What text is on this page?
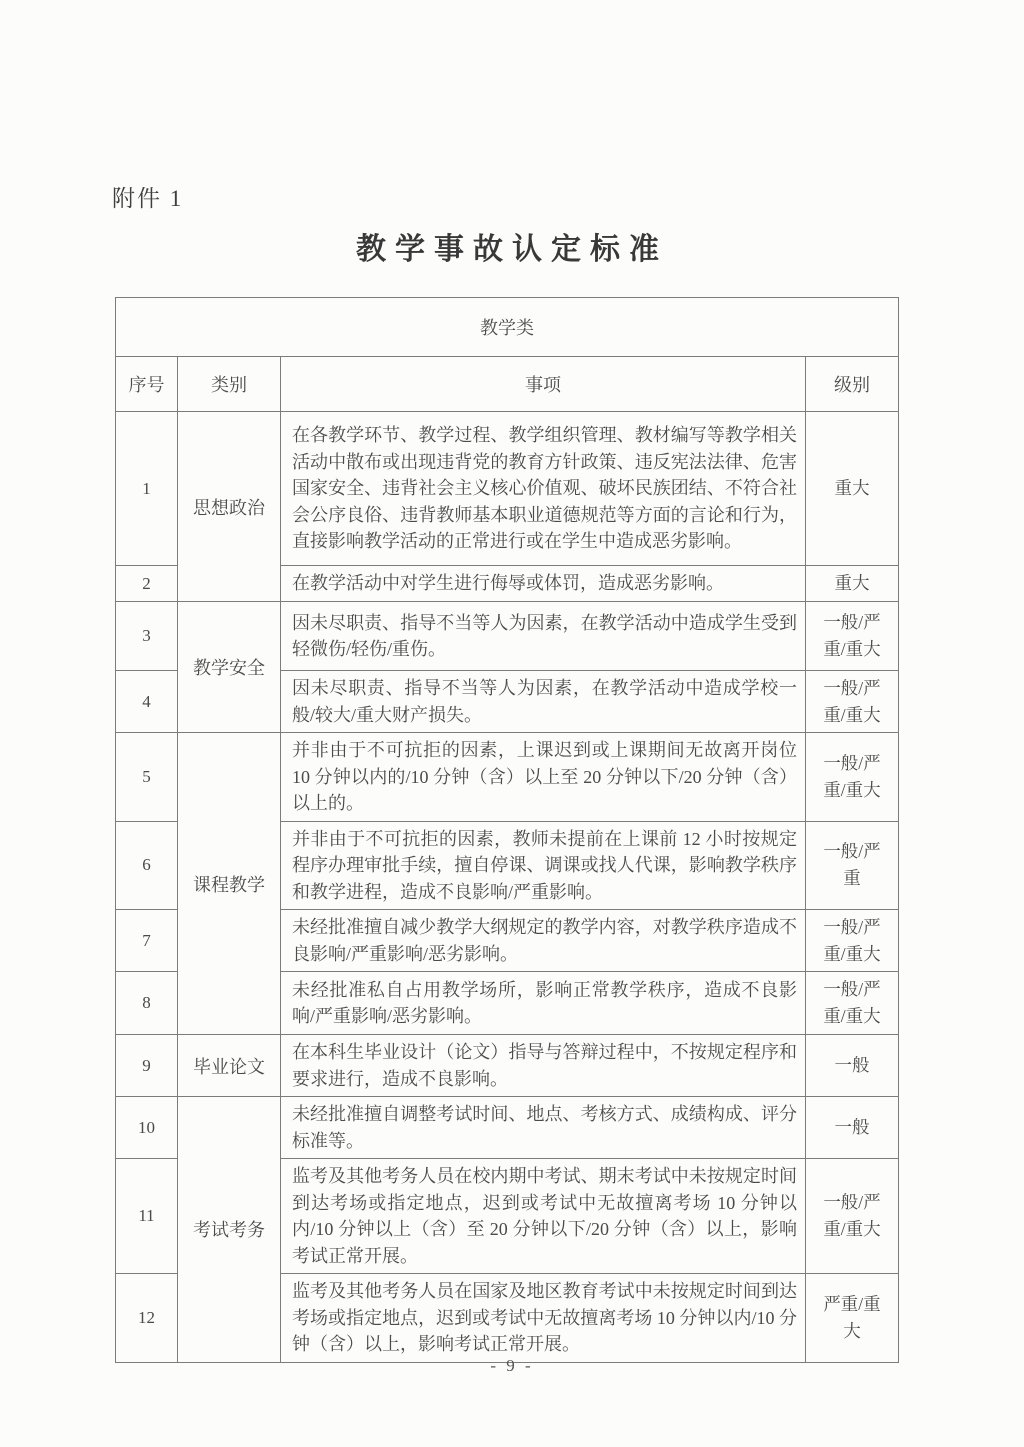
附件 1
教学事故认定标准
教学类			
序号	类别	事项	级别
1	思想政治	在各教学环节、教学过程、教学组织管理、教材编写等教学相关活动中散布或出现违背党的教育方针政策、违反宪法法律、危害国家安全、违背社会主义核心价值观、破坏民族团结、不符合社会公序良俗、违背教师基本职业道德规范等方面的言论和行为，直接影响教学活动的正常进行或在学生中造成恶劣影响。	重大
2		在教学活动中对学生进行侮辱或体罚，造成恶劣影响。	重大
3	教学安全	因未尽职责、指导不当等人为因素，在教学活动中造成学生受到轻微伤/轻伤/重伤。	一般/严重/重大
4		因未尽职责、指导不当等人为因素，在教学活动中造成学校一般/较大/重大财产损失。	一般/严重/重大
5	课程教学	并非由于不可抗拒的因素，上课迟到或上课期间无故离开岗位 10 分钟以内的/10 分钟（含）以上至 20 分钟以下/20 分钟（含）以上的。	一般/严重/重大
6		并非由于不可抗拒的因素，教师未提前在上课前 12 小时按规定程序办理审批手续，擅自停课、调课或找人代课，影响教学秩序和教学进程，造成不良影响/严重影响。	一般/严重
7		未经批准擅自减少教学大纲规定的教学内容，对教学秩序造成不良影响/严重影响/恶劣影响。	一般/严重/重大
8		未经批准私自占用教学场所，影响正常教学秩序，造成不良影响/严重影响/恶劣影响。	一般/严重/重大
9	毕业论文	在本科生毕业设计（论文）指导与答辩过程中，不按规定程序和要求进行，造成不良影响。	一般
10	考试考务	未经批准擅自调整考试时间、地点、考核方式、成绩构成、评分标准等。	一般
11		监考及其他考务人员在校内期中考试、期末考试中未按规定时间到达考场或指定地点，迟到或考试中无故擅离考场 10 分钟以内/10 分钟以上（含）至 20 分钟以下/20 分钟（含）以上，影响考试正常开展。	一般/严重/重大
12		监考及其他考务人员在国家及地区教育考试中未按规定时间到达考场或指定地点，迟到或考试中无故擅离考场 10 分钟以内/10 分钟（含）以上，影响考试正常开展。	严重/重大
- 9 -
